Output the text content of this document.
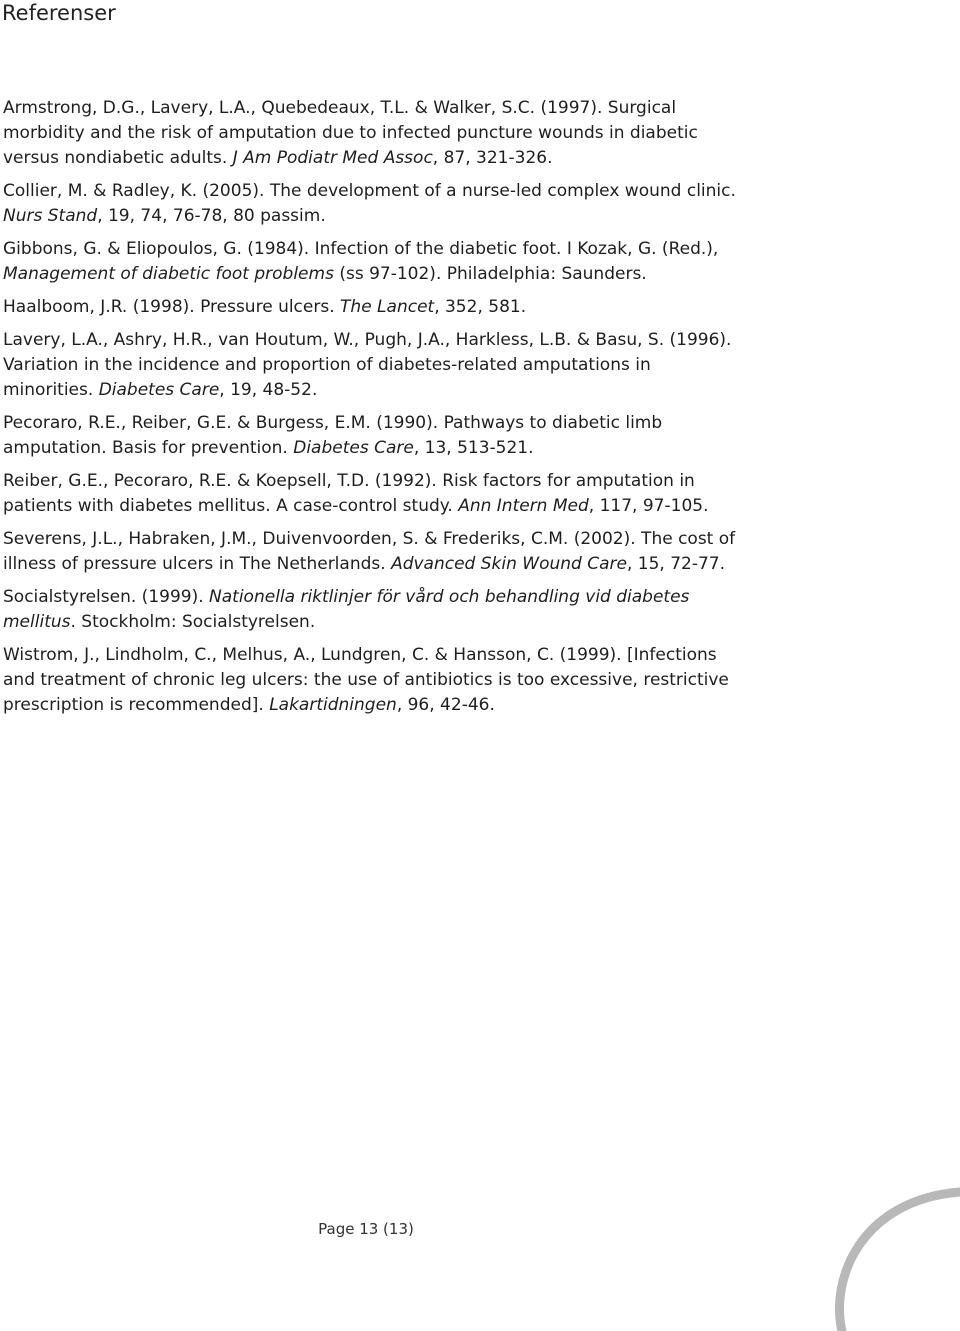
Referenser

Armstrong, D.G., Lavery, L.A., Quebedeaux, T.L. & Walker, S.C. (1997). Surgical morbidity and the risk of amputation due to infected puncture wounds in diabetic versus nondiabetic adults. J Am Podiatr Med Assoc, 87, 321-326.

Collier, M. & Radley, K. (2005). The development of a nurse-led complex wound clinic. Nurs Stand, 19, 74, 76-78, 80 passim.

Gibbons, G. & Eliopoulos, G. (1984). Infection of the diabetic foot. I Kozak, G. (Red.), Management of diabetic foot problems (ss 97-102). Philadelphia: Saunders.

Haalboom, J.R. (1998). Pressure ulcers. The Lancet, 352, 581.

Lavery, L.A., Ashry, H.R., van Houtum, W., Pugh, J.A., Harkless, L.B. & Basu, S. (1996). Variation in the incidence and proportion of diabetes-related amputations in minorities. Diabetes Care, 19, 48-52.

Pecoraro, R.E., Reiber, G.E. & Burgess, E.M. (1990). Pathways to diabetic limb amputation. Basis for prevention. Diabetes Care, 13, 513-521.

Reiber, G.E., Pecoraro, R.E. & Koepsell, T.D. (1992). Risk factors for amputation in patients with diabetes mellitus. A case-control study. Ann Intern Med, 117, 97-105.

Severens, J.L., Habraken, J.M., Duivenvoorden, S. & Frederiks, C.M. (2002). The cost of illness of pressure ulcers in The Netherlands. Advanced Skin Wound Care, 15, 72-77.

Socialstyrelsen. (1999). Nationella riktlinjer för vård och behandling vid diabetes mellitus. Stockholm: Socialstyrelsen.

Wistrom, J., Lindholm, C., Melhus, A., Lundgren, C. & Hansson, C. (1999). [Infections and treatment of chronic leg ulcers: the use of antibiotics is too excessive, restrictive prescription is recommended]. Lakartidningen, 96, 42-46.

Page 13 (13)
